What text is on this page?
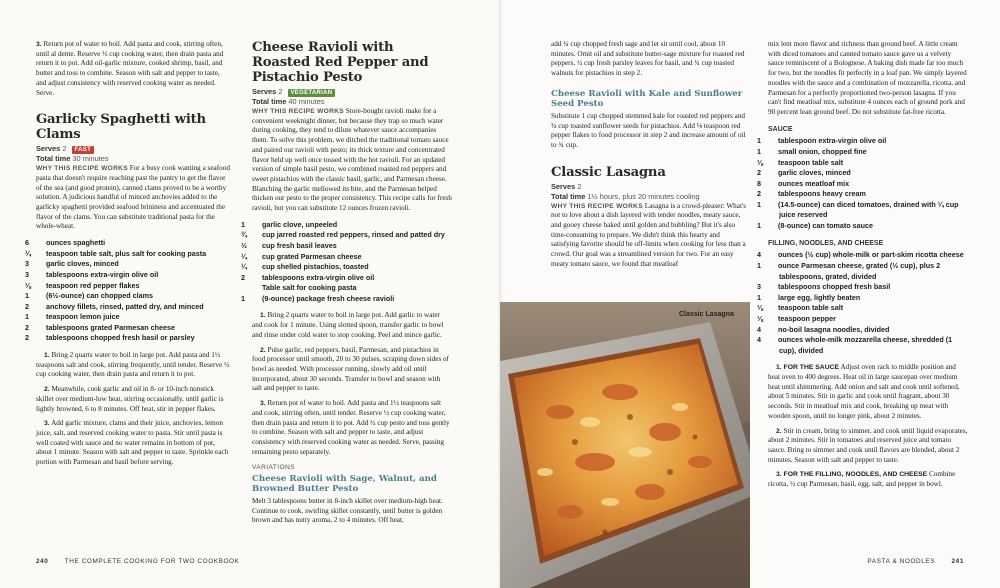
3. Return pot of water to boil. Add pasta and cook, stirring often, until al dente. Reserve ½ cup cooking water, then drain pasta and return it to pot. Add oil-garlic mixture, cooked shrimp, basil, and butter and toss to combine. Season with salt and pepper to taste, and adjust consistency with reserved cooking water as needed. Serve.

Garlicky Spaghetti with Clams
Serves 2 FAST
Total time 30 minutes

WHY THIS RECIPE WORKS For a busy cook wanting a seafood pasta that doesn't require reaching past the pantry to get the flavor of the sea (and good protein), canned clams proved to be a worthy solution. A judicious handful of minced anchovies added to the garlicky spaghetti provided seafood brininess and accentuated the flavor of the clams. You can substitute traditional pasta for the whole-wheat.

6 ounces spaghetti
¼ teaspoon table salt, plus salt for cooking pasta
3 garlic cloves, minced
3 tablespoons extra-virgin olive oil
⅛ teaspoon red pepper flakes
1 (6½-ounce) can chopped clams
2 anchovy fillets, rinsed, patted dry, and minced
1 teaspoon lemon juice
2 tablespoons grated Parmesan cheese
2 tablespoons chopped fresh basil or parsley

1. Bring 2 quarts water to boil in large pot. Add pasta and 1½ teaspoons salt and cook, stirring frequently, until tender. Reserve ½ cup cooking water, then drain pasta and return it to pot.

2. Meanwhile, cook garlic and oil in 8- or 10-inch nonstick skillet over medium-low heat, stirring occasionally, until garlic is lightly browned, 6 to 8 minutes. Off heat, stir in pepper flakes.

3. Add garlic mixture, clams and their juice, anchovies, lemon juice, salt, and reserved cooking water to pasta. Stir until pasta is well coated with sauce and no water remains in bottom of pot, about 1 minute. Season with salt and pepper to taste. Sprinkle each portion with Parmesan and basil before serving.

Cheese Ravioli with Roasted Red Pepper and Pistachio Pesto
Serves 2 VEGETARIAN
Total time 40 minutes

WHY THIS RECIPE WORKS Store-bought ravioli make for a convenient weeknight dinner, but because they trap so much water during cooking, they tend to dilute whatever sauce accompanies them. To solve this problem, we ditched the traditional tomato sauce and paired our ravioli with pesto; its thick texture and concentrated flavor held up well once tossed with the hot ravioli. For an updated version of simple basil pesto, we combined roasted red peppers and sweet pistachios with the classic basil, garlic, and Parmesan cheese. Blanching the garlic mellowed its bite, and the Parmesan helped thicken our pesto to the proper consistency. This recipe calls for fresh ravioli, but you can substitute 12 ounces frozen ravioli.

1 garlic clove, unpeeled
¾ cup jarred roasted red peppers, rinsed and patted dry
½ cup fresh basil leaves
¼ cup grated Parmesan cheese
¼ cup shelled pistachios, toasted
2 tablespoons extra-virgin olive oil
Table salt for cooking pasta
1 (9-ounce) package fresh cheese ravioli

1. Bring 2 quarts water to boil in large pot. Add garlic to water and cook for 1 minute. Using slotted spoon, transfer garlic to bowl and rinse under cold water to stop cooking. Peel and mince garlic.

2. Pulse garlic, red peppers, basil, Parmesan, and pistachios in food processor until smooth, 20 to 30 pulses, scraping down sides of bowl as needed. With processor running, slowly add oil until incorporated, about 30 seconds. Transfer to bowl and season with salt and pepper to taste.

3. Return pot of water to boil. Add pasta and 1½ teaspoons salt and cook, stirring often, until tender. Reserve ½ cup cooking water, then drain pasta and return it to pot. Add ½ cup pesto and toss gently to combine. Season with salt and pepper to taste, and adjust consistency with reserved cooking water as needed. Serve, passing remaining pesto separately.

VARIATIONS
Cheese Ravioli with Sage, Walnut, and Browned Butter Pesto

Melt 3 tablespoons butter in 8-inch skillet over medium-high heat. Continue to cook, swirling skillet constantly, until butter is golden brown and has nutty aroma, 2 to 4 minutes. Off heat,

add ¾ cup chopped fresh sage and let sit until cool, about 10 minutes. Omit oil and substitute butter-sage mixture for roasted red peppers, ½ cup fresh parsley leaves for basil, and ¾ cup toasted walnuts for pistachios in step 2.

Cheese Ravioli with Kale and Sunflower Seed Pesto

Substitute 1 cup chopped stemmed kale for roasted red peppers and ¾ cup toasted sunflower seeds for pistachios. Add ⅛ teaspoon red pepper flakes to food processor in step 2 and increase amount of oil to ¾ cup.

Classic Lasagna
Serves 2
Total time 1½ hours, plus 20 minutes cooling

WHY THIS RECIPE WORKS Lasagna is a crowd-pleaser: What's not to love about a dish layered with tender noodles, meaty sauce, and gooey cheese baked until golden and bubbling? But it's also time-consuming to prepare. We didn't think this hearty and satisfying favorite should be off-limits when cooking for less than a crowd. Our goal was a streamlined version for two. For an easy meaty tomato sauce, we found that meatloaf

Classic Lasagna

mix lent more flavor and richness than ground beef. A little cream with diced tomatoes and canned tomato sauce gave us a velvety sauce reminiscent of a Bolognese. A baking dish made far too much for two, but the noodles fit perfectly in a loaf pan. We simply layered noodles with the sauce and a combination of mozzarella, ricotta, and Parmesan for a perfectly proportioned two-person lasagna. If you can't find meatloaf mix, substitute 4 ounces each of ground pork and 90 percent lean ground beef. Do not substitute fat-free ricotta.

SAUCE
1 tablespoon extra-virgin olive oil
1 small onion, chopped fine
⅛ teaspoon table salt
2 garlic cloves, minced
8 ounces meatloaf mix
2 tablespoons heavy cream
1 (14.5-ounce) can diced tomatoes, drained with ¼ cup juice reserved
1 (8-ounce) can tomato sauce
FILLING, NOODLES, AND CHEESE
4 ounces (½ cup) whole-milk or part-skim ricotta cheese
1 ounce Parmesan cheese, grated (½ cup), plus 2 tablespoons, grated, divided
3 tablespoons chopped fresh basil
1 large egg, lightly beaten
⅛ teaspoon table salt
⅛ teaspoon pepper
4 no-boil lasagna noodles, divided
4 ounces whole-milk mozzarella cheese, shredded (1 cup), divided

1. FOR THE SAUCE Adjust oven rack to middle position and heat oven to 400 degrees. Heat oil in large saucepan over medium heat until shimmering. Add onion and salt and cook until softened, about 5 minutes. Stir in garlic and cook until fragrant, about 30 seconds. Stir in meatloaf mix and cook, breaking up meat with wooden spoon, until no longer pink, about 2 minutes.

2. Stir in cream, bring to simmer, and cook until liquid evaporates, about 2 minutes. Stir in tomatoes and reserved juice and tomato sauce. Bring to simmer and cook until flavors are blended, about 2 minutes. Season with salt and pepper to taste.

3. FOR THE FILLING, NOODLES, AND CHEESE Combine ricotta, ½ cup Parmesan, basil, egg, salt, and pepper in bowl.

240	THE COMPLETE COOKING FOR TWO COOKBOOK	PASTA & NOODLES	241
